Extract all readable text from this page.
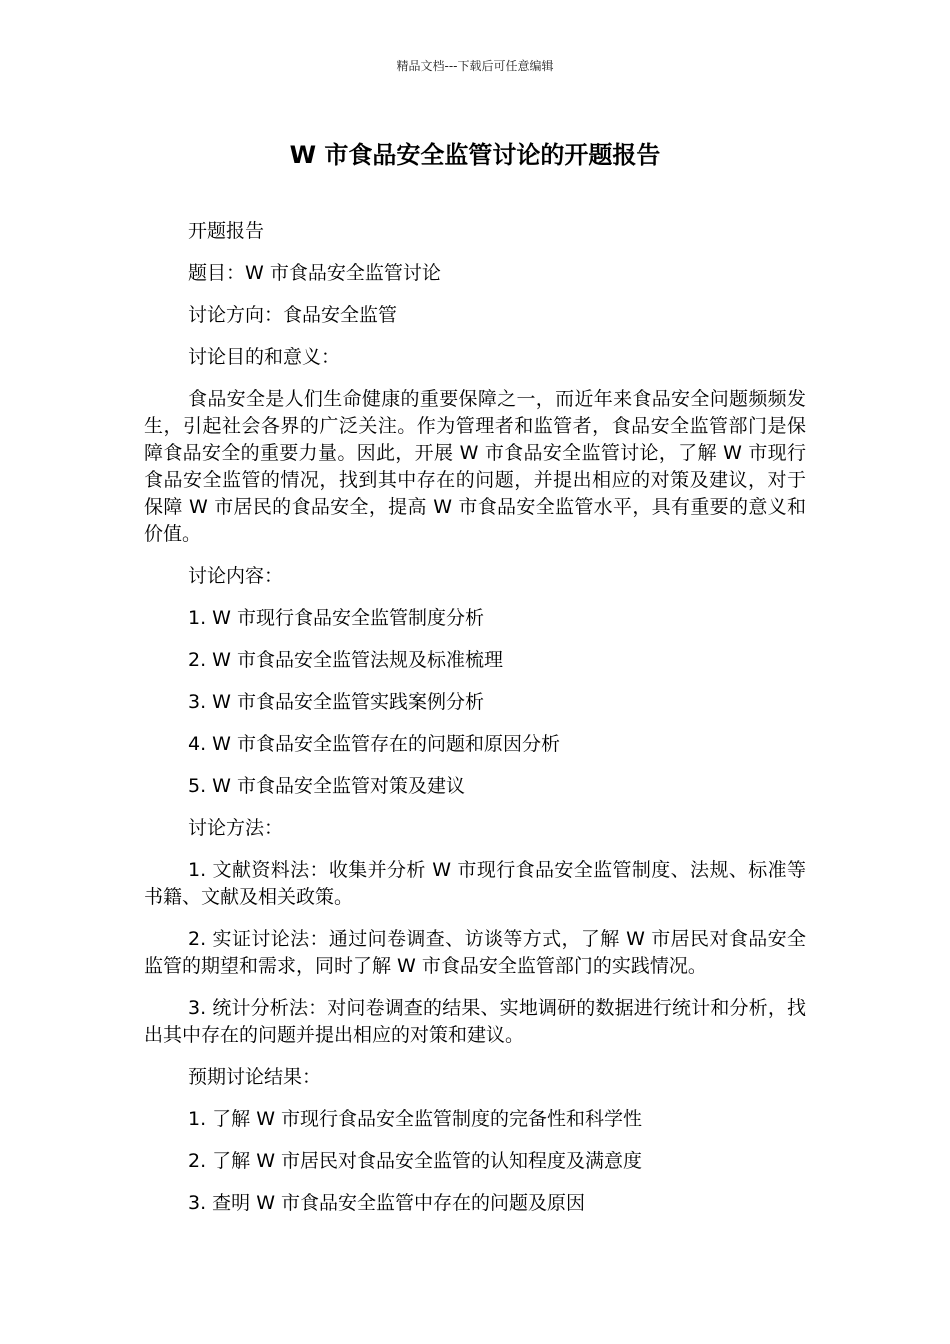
精品文档---下载后可任意编辑
W 市食品安全监管讨论的开题报告

开题报告

题目：W 市食品安全监管讨论

讨论方向：食品安全监管

讨论目的和意义：

食品安全是人们生命健康的重要保障之一，而近年来食品安全问题频频发生，引起社会各界的广泛关注。作为管理者和监管者，食品安全监管部门是保障食品安全的重要力量。因此，开展 W 市食品安全监管讨论，了解 W 市现行食品安全监管的情况，找到其中存在的问题，并提出相应的对策及建议，对于保障 W 市居民的食品安全，提高 W 市食品安全监管水平，具有重要的意义和价值。

讨论内容：

1. W 市现行食品安全监管制度分析

2. W 市食品安全监管法规及标准梳理

3. W 市食品安全监管实践案例分析

4. W 市食品安全监管存在的问题和原因分析

5. W 市食品安全监管对策及建议

讨论方法：

1. 文献资料法：收集并分析 W 市现行食品安全监管制度、法规、标准等书籍、文献及相关政策。

2. 实证讨论法：通过问卷调查、访谈等方式，了解 W 市居民对食品安全监管的期望和需求，同时了解 W 市食品安全监管部门的实践情况。

3. 统计分析法：对问卷调查的结果、实地调研的数据进行统计和分析，找出其中存在的问题并提出相应的对策和建议。

预期讨论结果：

1. 了解 W 市现行食品安全监管制度的完备性和科学性

2. 了解 W 市居民对食品安全监管的认知程度及满意度

3. 查明 W 市食品安全监管中存在的问题及原因
